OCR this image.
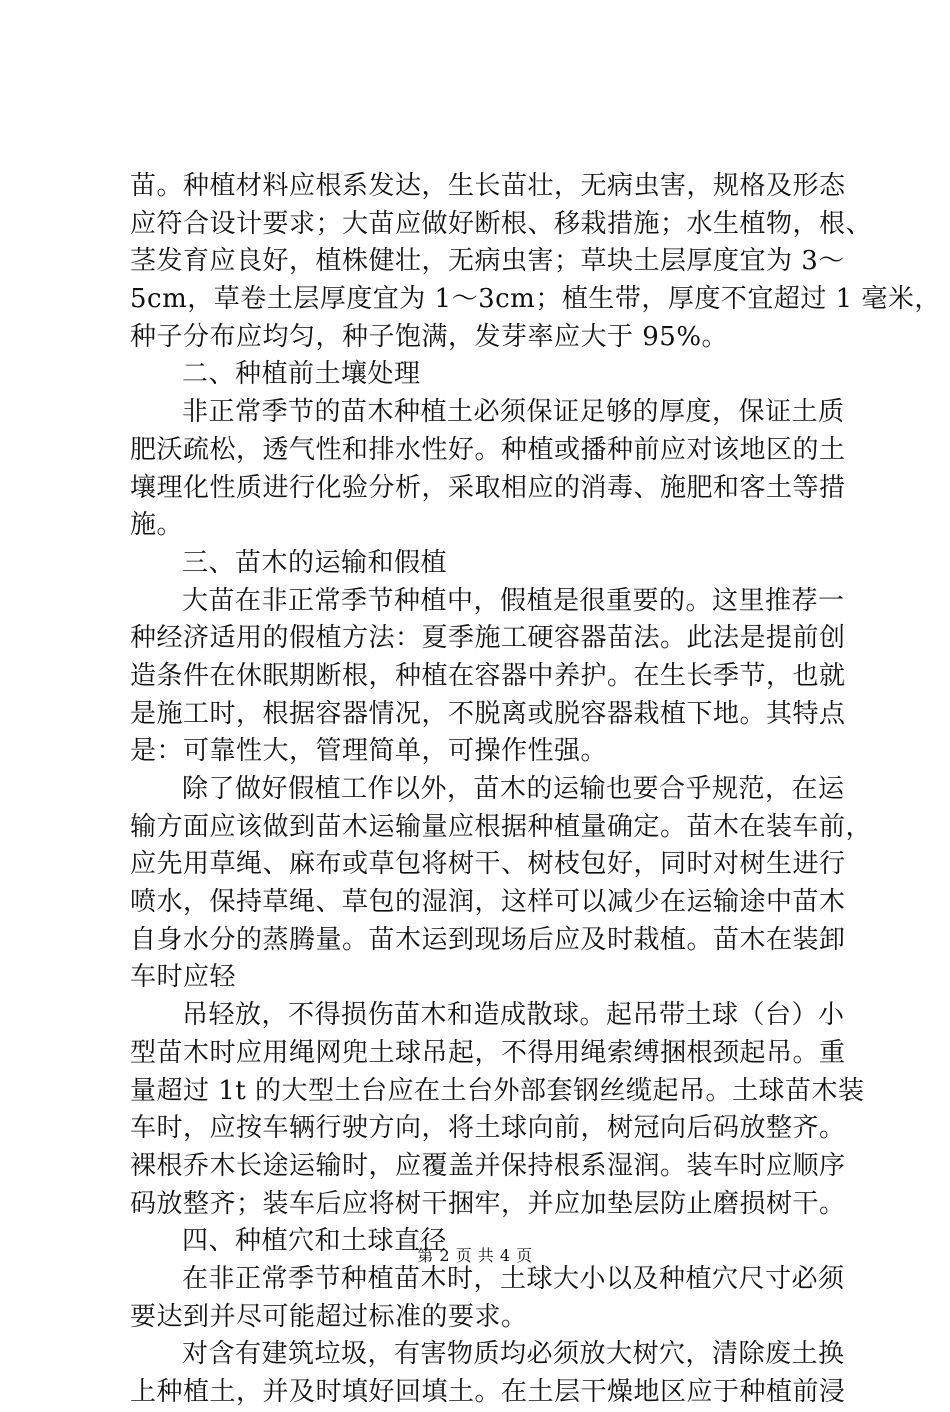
苗。种植材料应根系发达，生长苗壮，无病虫害，规格及形态
应符合设计要求；大苗应做好断根、移栽措施；水生植物，根、
茎发育应良好，植株健壮，无病虫害；草块土层厚度宜为 3～
5cm，草卷土层厚度宜为 1～3cm；植生带，厚度不宜超过 1 毫米，
种子分布应均匀，种子饱满，发芽率应大于 95%。
二、种植前土壤处理
非正常季节的苗木种植土必须保证足够的厚度，保证土质
肥沃疏松，透气性和排水性好。种植或播种前应对该地区的土
壤理化性质进行化验分析，采取相应的消毒、施肥和客土等措
施。
三、苗木的运输和假植
大苗在非正常季节种植中，假植是很重要的。这里推荐一
种经济适用的假植方法：夏季施工硬容器苗法。此法是提前创
造条件在休眠期断根，种植在容器中养护。在生长季节，也就
是施工时，根据容器情况，不脱离或脱容器栽植下地。其特点
是：可靠性大，管理简单，可操作性强。
除了做好假植工作以外，苗木的运输也要合乎规范，在运
输方面应该做到苗木运输量应根据种植量确定。苗木在装车前，
应先用草绳、麻布或草包将树干、树枝包好，同时对树生进行
喷水，保持草绳、草包的湿润，这样可以减少在运输途中苗木
自身水分的蒸腾量。苗木运到现场后应及时栽植。苗木在装卸
车时应轻
吊轻放，不得损伤苗木和造成散球。起吊带土球（台）小
型苗木时应用绳网兜土球吊起，不得用绳索缚捆根颈起吊。重
量超过 1t 的大型土台应在土台外部套钢丝缆起吊。土球苗木装
车时，应按车辆行驶方向，将土球向前，树冠向后码放整齐。
裸根乔木长途运输时，应覆盖并保持根系湿润。装车时应顺序
码放整齐；装车后应将树干捆牢，并应加垫层防止磨损树干。
四、种植穴和土球直径
在非正常季节种植苗木时，土球大小以及种植穴尺寸必须
要达到并尽可能超过标准的要求。
对含有建筑垃圾，有害物质均必须放大树穴，清除废土换
上种植土，并及时填好回填土。在土层干燥地区应于种植前浸
第 2 页 共 4 页
